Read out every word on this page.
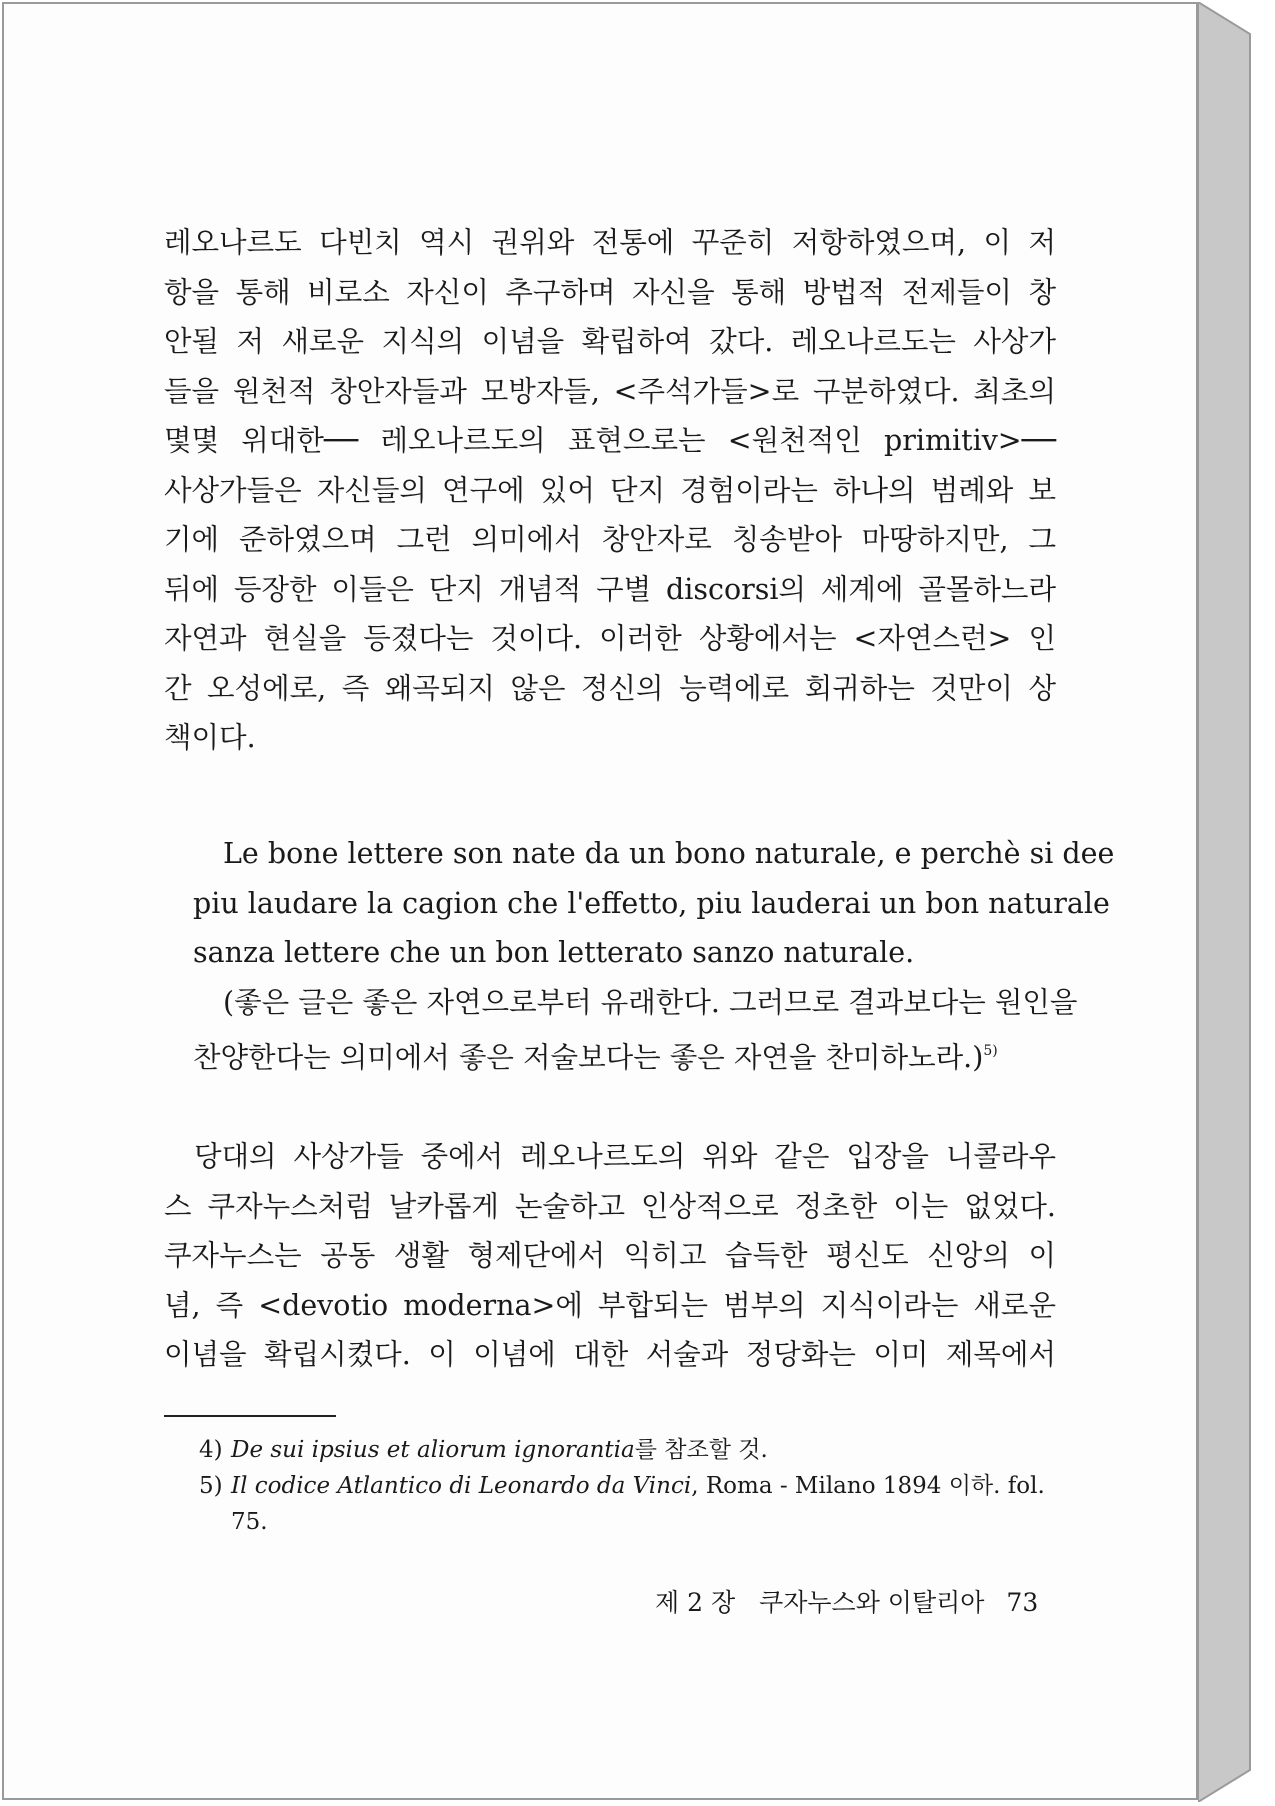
레오나르도 다빈치 역시 권위와 전통에 꾸준히 저항하였으며, 이 저
항을 통해 비로소 자신이 추구하며 자신을 통해 방법적 전제들이 창
안될 저 새로운 지식의 이념을 확립하여 갔다. 레오나르도는 사상가
들을 원천적 창안자들과 모방자들, <주석가들>로 구분하였다. 최초의
몇몇 위대한── 레오나르도의 표현으로는 <원천적인 primitiv>──
사상가들은 자신들의 연구에 있어 단지 경험이라는 하나의 범례와 보
기에 준하였으며 그런 의미에서 창안자로 칭송받아 마땅하지만, 그
뒤에 등장한 이들은 단지 개념적 구별 discorsi의 세계에 골몰하느라
자연과 현실을 등졌다는 것이다. 이러한 상황에서는 <자연스런> 인
간 오성에로, 즉 왜곡되지 않은 정신의 능력에로 회귀하는 것만이 상
책이다.
Le bone lettere son nate da un bono naturale, e perchè si dee
piu laudare la cagion che l'effetto, piu lauderai un bon naturale
sanza lettere che un bon letterato sanzo naturale.
(좋은 글은 좋은 자연으로부터 유래한다. 그러므로 결과보다는 원인을
찬양한다는 의미에서 좋은 저술보다는 좋은 자연을 찬미하노라.)$^{5)}$
당대의 사상가들 중에서 레오나르도의 위와 같은 입장을 니콜라우
스 쿠자누스처럼 날카롭게 논술하고 인상적으로 정초한 이는 없었다.
쿠자누스는 공동 생활 형제단에서 익히고 습득한 평신도 신앙의 이
념, 즉 <devotio moderna>에 부합되는 범부의 지식이라는 새로운
이념을 확립시켰다. 이 이념에 대한 서술과 정당화는 이미 제목에서
4) De sui ipsius et aliorum ignorantia를 참조할 것.
5) Il codice Atlantico di Leonardo da Vinci, Roma - Milano 1894 이하. fol.
75.
제 2 장 쿠자누스와 이탈리아 73
